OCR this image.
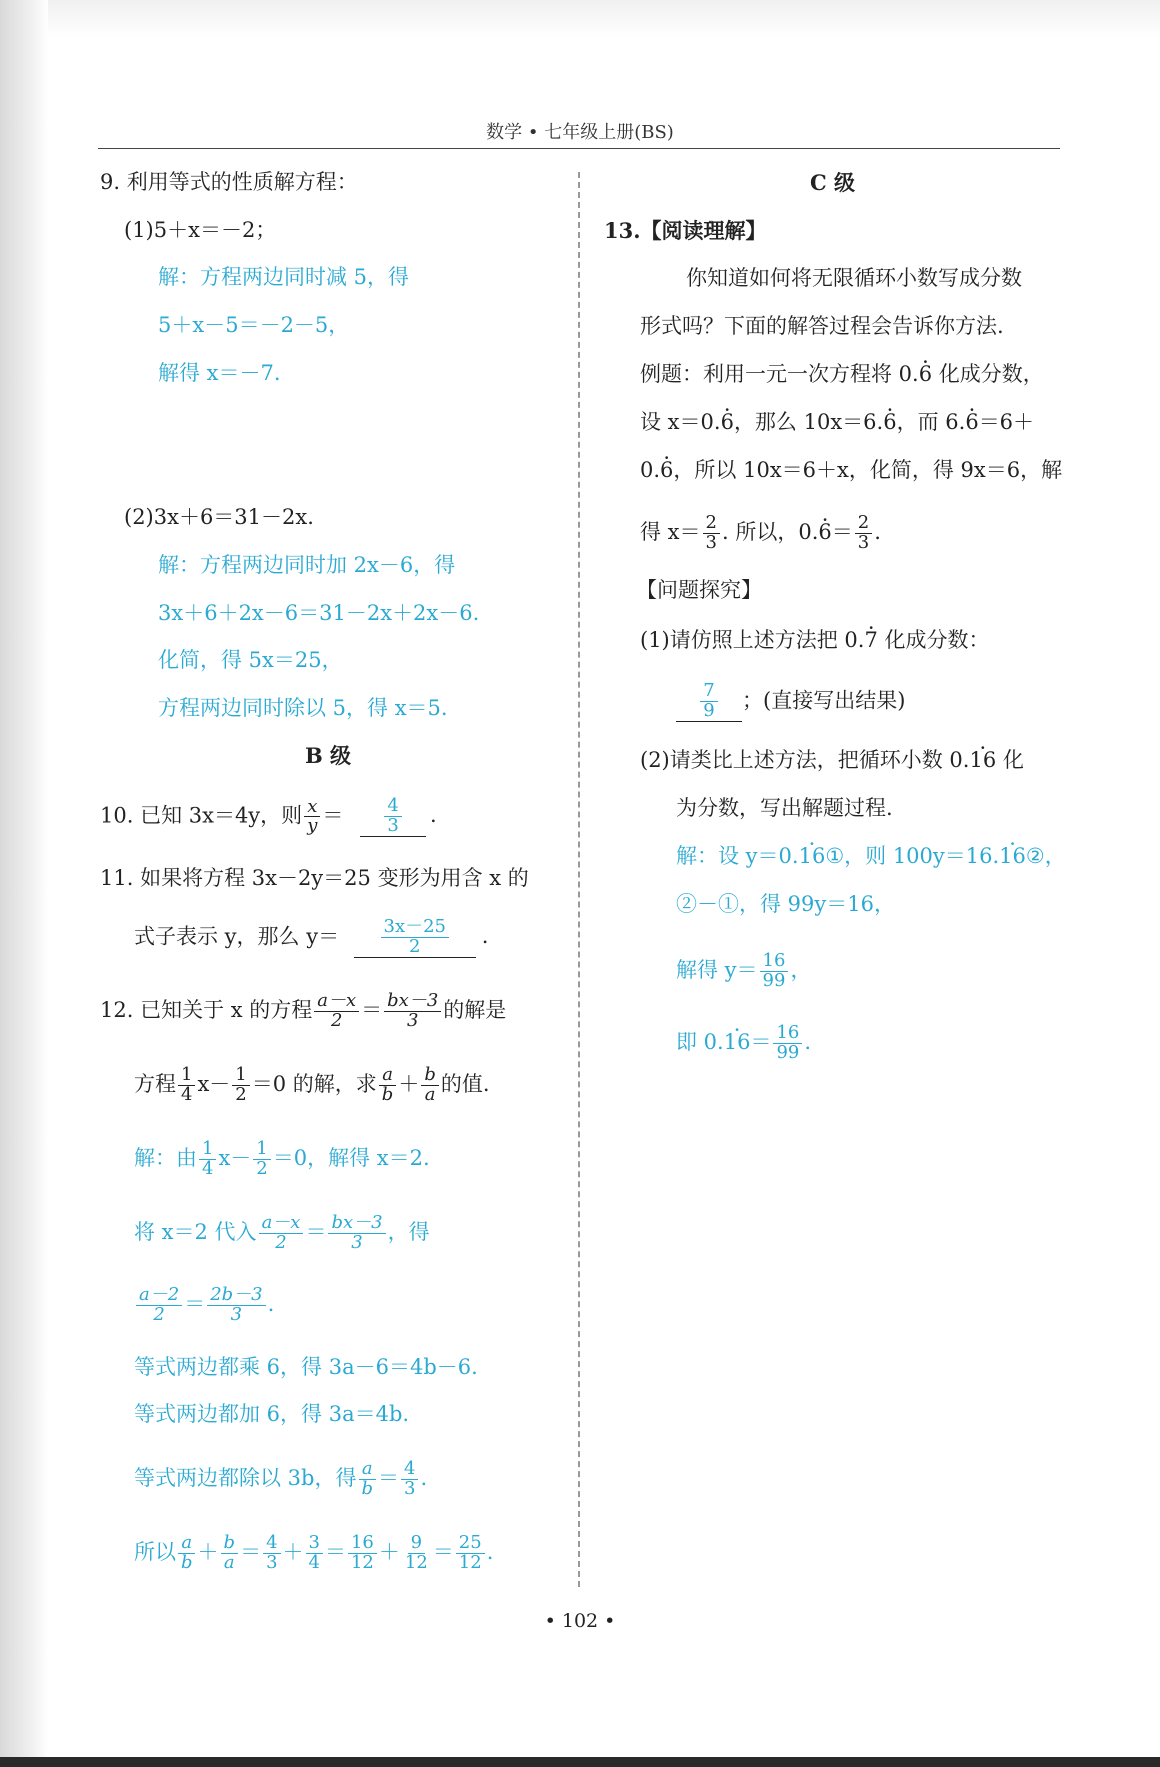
数学 • 七年级上册(BS)
9. 利用等式的性质解方程：
(1)5＋x＝－2；
解：方程两边同时减 5，得
5＋x－5＝－2－5，
解得 x＝－7.
(2)3x＋6＝31－2x.
解：方程两边同时加 2x－6，得
3x＋6＋2x－6＝31－2x＋2x－6.
化简，得 5x＝25，
方程两边同时除以 5，得 x＝5.
B 级
10. 已知 3x＝4y，则 $\frac{x}{y} = \frac{4}{3}$ .
11. 如果将方程 3x－2y＝25 变形为用含 x 的
式子表示 y，那么 $y= \frac{3x-25}{2}$ .
12. 已知关于 x 的方程 $\frac{a-x}{2} = \frac{bx-3}{3}$ 的解是
方程 $\frac{1}{4} x- \frac{1}{2} =0$ 的解，求 $\frac{a}{b} + \frac{b}{a}$ 的值.
解：由 $\frac{1}{4} x- \frac{1}{2} =0$，解得 x＝2.
将 x＝2 代入 $\frac{a-x}{2} = \frac{bx-3}{3}$ ，得
$\frac{a-2}{2} = \frac{2b-3}{3}$ .
等式两边都乘 6，得 3a－6＝4b－6.
等式两边都加 6，得 3a＝4b.
等式两边都除以 3b，得 $\frac{a}{b} = \frac{4}{3}$ .
所以 $\frac{a}{b} + \frac{b}{a} = \frac{4}{3} + \frac{3}{4} = \frac{16}{12} + \frac{9}{12} = \frac{25}{12}$ .
C 级
13.【阅读理解】
你知道如何将无限循环小数写成分数
形式吗？下面的解答过程会告诉你方法.
例题：利用一元一次方程将 0.· 6 化成分数，
设 x＝0.· 6，那么 10x＝6.· 6，而 6.· 6＝6＋
0.· 6，所以 10x＝6＋x，化简，得 9x＝6，解
得 $x= \frac{2}{3}$ . 所以，$0.\cdot 6= \frac{2}{3}$ .
【问题探究】
(1)请仿照上述方法把 0.· 7 化成分数：
$\frac{7}{9}$ ；(直接写出结果)
(2)请类比上述方法，把循环小数 0.· 16 化
为分数，写出解题过程.
解：设 y＝0.· 16①，则 100y＝16.· 16②，
②－①，得 99y＝16，
解得 $y= \frac{16}{99}$ ，
即 $0.\cdot 16= \frac{16}{99}$ .
• 102 •
